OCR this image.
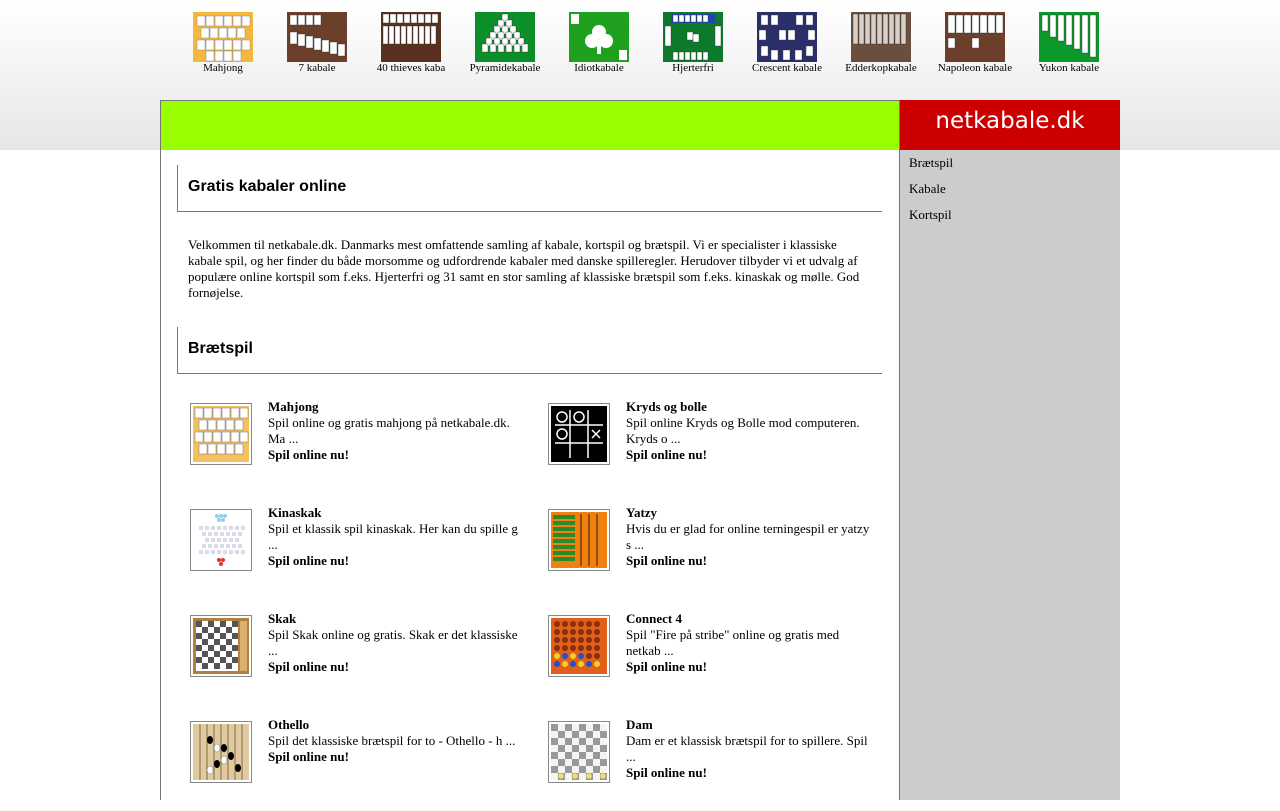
Mahjong	7 kabale	40 thieves kaba	Pyramidekabale	Idiotkabale	Hjerterfri	Crescent kabale	Edderkopkabale	Napoleon kabale	Yukon kabale
netkabale.dk
Gratis kabaler online
Velkommen til netkabale.dk. Danmarks mest omfattende samling af kabale, kortspil og brætspil. Vi er specialister i klassiske kabale spil, og her finder du både morsomme og udfordrende kabaler med danske spilleregler. Herudover tilbyder vi et udvalg af populære online kortspil som f.eks. Hjerterfri og 31 samt en stor samling af klassiske brætspil som f.eks. kinaskak og mølle. God fornøjelse.
Brætspil
Mahjong
Spil online og gratis mahjong på netkabale.dk. Ma ...
Spil online nu!
Kryds og bolle
Spil online Kryds og Bolle mod computeren. Kryds o ...
Spil online nu!
Kinaskak
Spil et klassik spil kinaskak. Her kan du spille g ...
Spil online nu!
Yatzy
Hvis du er glad for online terningespil er yatzy s ...
Spil online nu!
Skak
Spil Skak online og gratis. Skak er det klassiske ...
Spil online nu!
Connect 4
Spil "Fire på stribe" online og gratis med netkab ...
Spil online nu!
Othello
Spil det klassiske brætspil for to - Othello - h ...
Spil online nu!
Dam
Dam er et klassisk brætspil for to spillere. Spil ...
Spil online nu!
Brætspil
Kabale
Kortspil
